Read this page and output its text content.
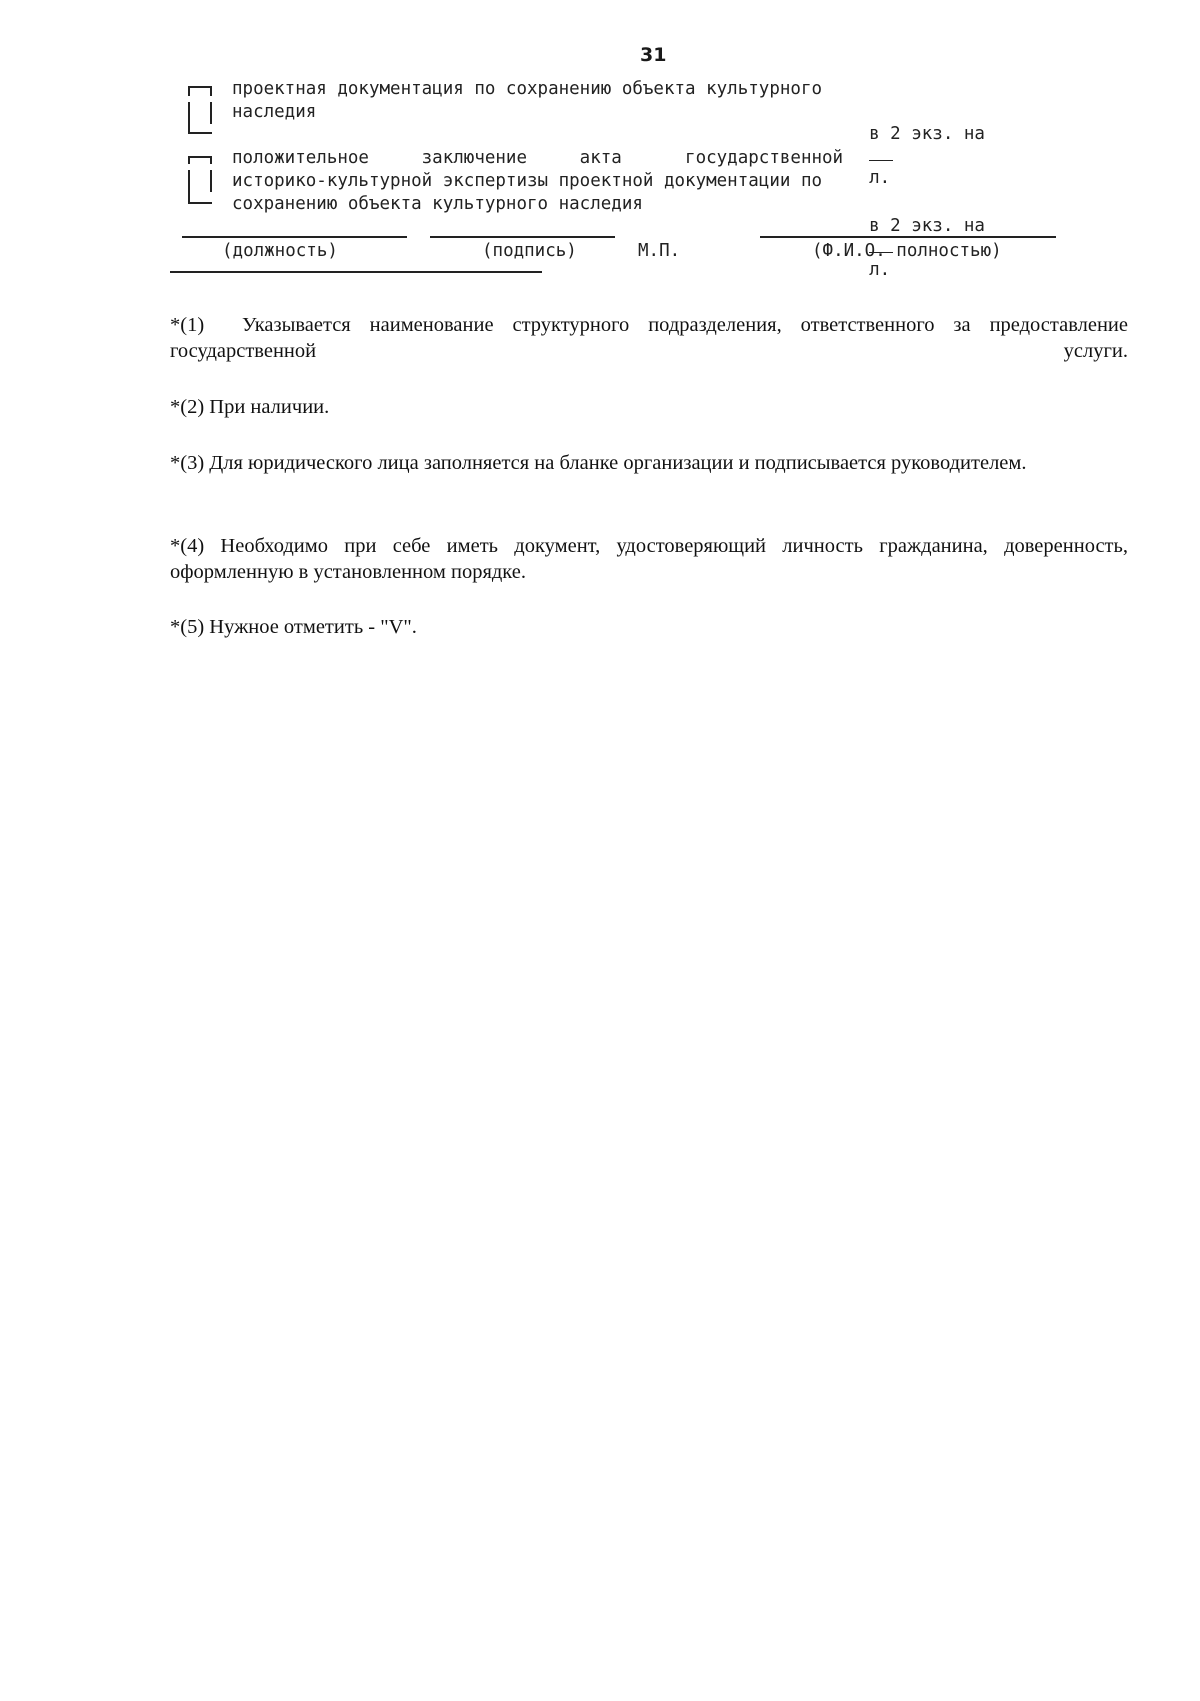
31
проектная документация по сохранению объекта культурного
наследия

в 2 экз. на

л.

положительное     заключение     акта      государственной
историко-культурной экспертизы проектной документации по
сохранению объекта культурного наследия

в 2 экз. на

л.

(должность)	(подпись)	М.П.	(Ф.И.О. полностью)
*(1) Указывается наименование структурного подразделения, ответственного за предоставление государственной услуги.
*(2) При наличии.
*(3) Для юридического лица заполняется на бланке организации и подписывается руководителем.
*(4) Необходимо при себе иметь документ, удостоверяющий личность гражданина, доверенность, оформленную в установленном порядке.
*(5) Нужное отметить - "V".
